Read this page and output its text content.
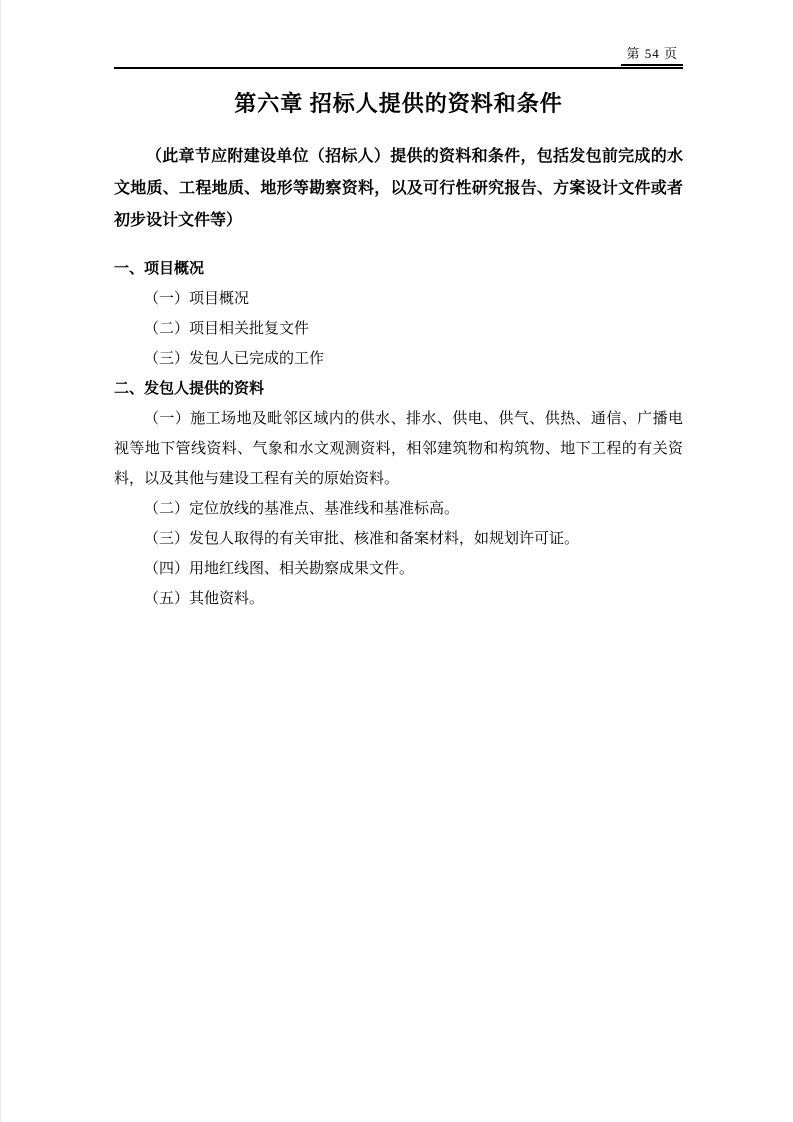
第 54 页
第六章 招标人提供的资料和条件

（此章节应附建设单位（招标人）提供的资料和条件，包括发包前完成的水文地质、工程地质、地形等勘察资料，以及可行性研究报告、方案设计文件或者初步设计文件等）

一、项目概况

（一）项目概况

（二）项目相关批复文件

（三）发包人已完成的工作

二、发包人提供的资料

（一）施工场地及毗邻区域内的供水、排水、供电、供气、供热、通信、广播电视等地下管线资料、气象和水文观测资料，相邻建筑物和构筑物、地下工程的有关资料，以及其他与建设工程有关的原始资料。

（二）定位放线的基准点、基准线和基准标高。

（三）发包人取得的有关审批、核准和备案材料，如规划许可证。

（四）用地红线图、相关勘察成果文件。

（五）其他资料。
